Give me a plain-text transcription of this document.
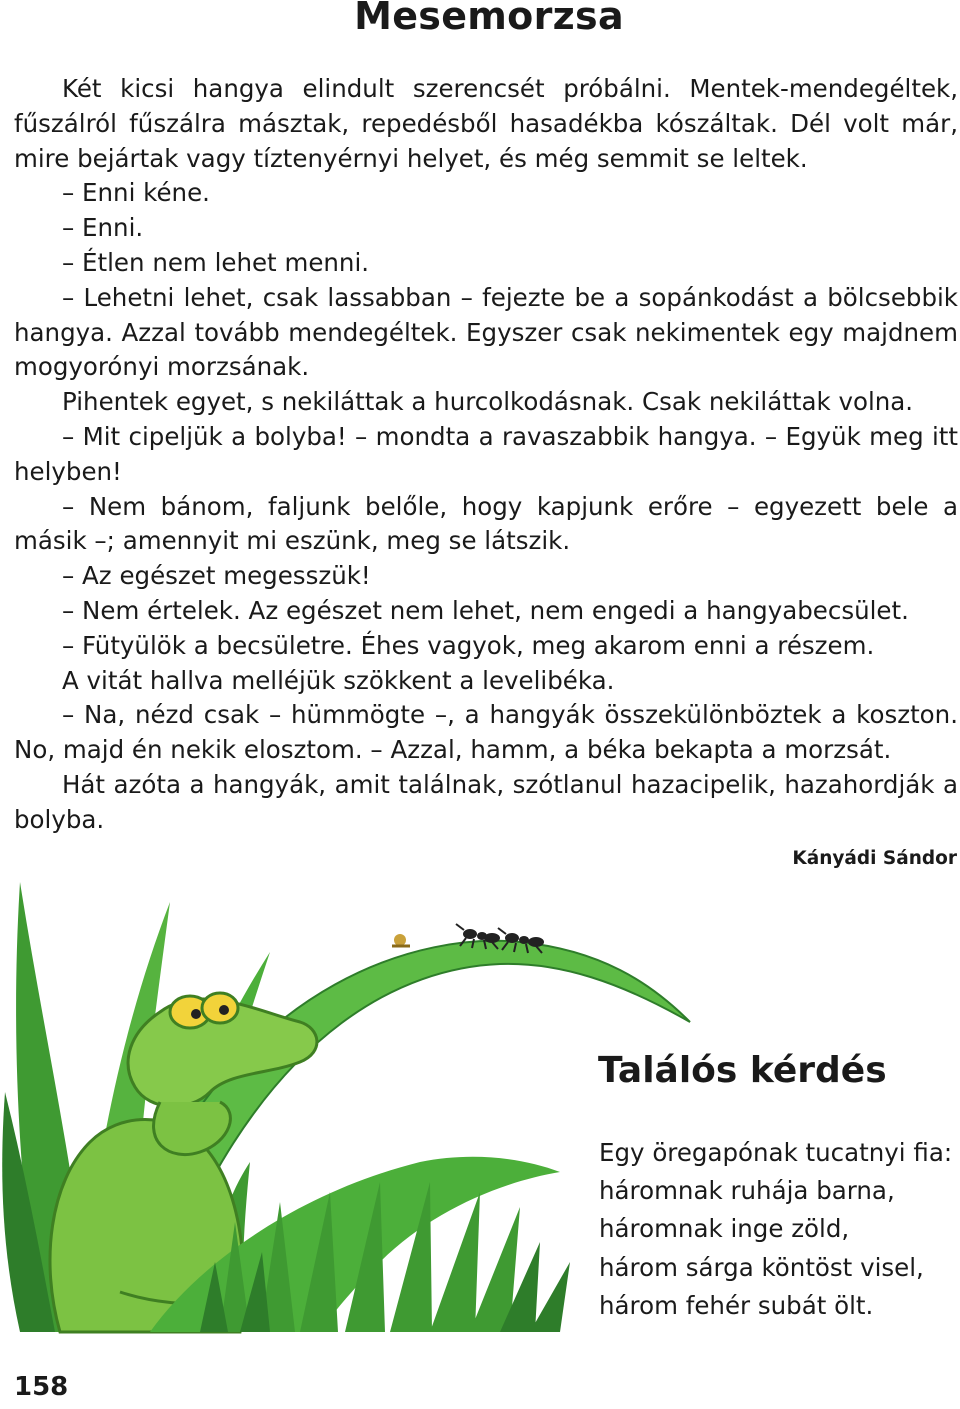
Mesemorzsa

Két kicsi hangya elindult szerencsét próbálni. Mentek-mendegéltek, fűszálról fűszálra másztak, repedésből hasadékba kószáltak. Dél volt már, mire bejártak vagy tíztenyérnyi helyet, és még semmit se leltek.

– Enni kéne.

– Enni.

– Étlen nem lehet menni.

– Lehetni lehet, csak lassabban – fejezte be a sopánkodást a bölcsebbik hangya. Azzal tovább mendegéltek. Egyszer csak nekimentek egy majdnem mogyorónyi morzsának.

Pihentek egyet, s nekiláttak a hurcolkodásnak. Csak nekiláttak volna.

– Mit cipeljük a bolyba! – mondta a ravaszabbik hangya. – Együk meg itt helyben!

– Nem bánom, faljunk belőle, hogy kapjunk erőre – egyezett bele a másik –; amennyit mi eszünk, meg se látszik.

– Az egészet megesszük!

– Nem értelek. Az egészet nem lehet, nem engedi a hangyabecsület.

– Fütyülök a becsületre. Éhes vagyok, meg akarom enni a részem.

A vitát hallva melléjük szökkent a levelibéka.

– Na, nézd csak – hümmögte –, a hangyák összekülönböztek a koszton. No, majd én nekik elosztom. – Azzal, hamm, a béka bekapta a morzsát.

Hát azóta a hangyák, amit találnak, szótlanul hazacipelik, hazahordják a bolyba.

Kányádi Sándor
Találós kérdés
Egy öregapónak tucatnyi fia:
háromnak ruhája barna,
háromnak inge zöld,
három sárga köntöst visel,
három fehér subát ölt.
158
